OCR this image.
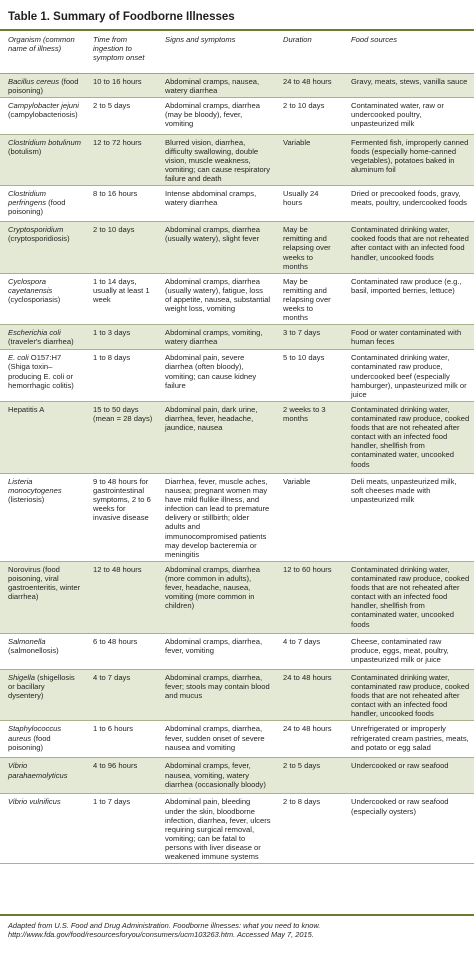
Table 1. Summary of Foodborne Illnesses
Organism (common name of illness)	Time from ingestion to symptom onset	Signs and symptoms	Duration	Food sources
Bacillus cereus (food poisoning)	10 to 16 hours	Abdominal cramps, nausea, watery diarrhea	24 to 48 hours	Gravy, meats, stews, vanilla sauce
Campylobacter jejuni (campylobacteriosis)	2 to 5 days	Abdominal cramps, diarrhea (may be bloody), fever, vomiting	2 to 10 days	Contaminated water, raw or undercooked poultry, unpasteurized milk
Clostridium botulinum (botulism)	12 to 72 hours	Blurred vision, diarrhea, difficulty swallowing, double vision, muscle weakness, vomiting; can cause respiratory failure and death	Variable	Fermented fish, improperly canned foods (especially home-canned vegetables), potatoes baked in aluminum foil
Clostridium perfringens (food poisoning)	8 to 16 hours	Intense abdominal cramps, watery diarrhea	Usually 24 hours	Dried or precooked foods, gravy, meats, poultry, undercooked foods
Cryptosporidium (cryptosporidiosis)	2 to 10 days	Abdominal cramps, diarrhea (usually watery), slight fever	May be remitting and relapsing over weeks to months	Contaminated drinking water, cooked foods that are not reheated after contact with an infected food handler, uncooked foods
Cyclospora cayetanensis (cyclosporiasis)	1 to 14 days, usually at least 1 week	Abdominal cramps, diarrhea (usually watery), fatigue, loss of appetite, nausea, substantial weight loss, vomiting	May be remitting and relapsing over weeks to months	Contaminated raw produce (e.g., basil, imported berries, lettuce)
Escherichia coli (traveler's diarrhea)	1 to 3 days	Abdominal cramps, vomiting, watery diarrhea	3 to 7 days	Food or water contaminated with human feces
E. coli O157:H7 (Shiga toxin–producing E. coli or hemorrhagic colitis)	1 to 8 days	Abdominal pain, severe diarrhea (often bloody), vomiting; can cause kidney failure	5 to 10 days	Contaminated drinking water, contaminated raw produce, undercooked beef (especially hamburger), unpasteurized milk or juice
Hepatitis A	15 to 50 days (mean = 28 days)	Abdominal pain, dark urine, diarrhea, fever, headache, jaundice, nausea	2 weeks to 3 months	Contaminated drinking water, contaminated raw produce, cooked foods that are not reheated after contact with an infected food handler, shellfish from contaminated water, uncooked foods
Listeria monocytogenes (listeriosis)	9 to 48 hours for gastrointestinal symptoms, 2 to 6 weeks for invasive disease	Diarrhea, fever, muscle aches, nausea; pregnant women may have mild flulike illness, and infection can lead to premature delivery or stillbirth; older adults and immunocompromised patients may develop bacteremia or meningitis	Variable	Deli meats, unpasteurized milk, soft cheeses made with unpasteurized milk
Norovirus (food poisoning, viral gastroenteritis, winter diarrhea)	12 to 48 hours	Abdominal cramps, diarrhea (more common in adults), fever, headache, nausea, vomiting (more common in children)	12 to 60 hours	Contaminated drinking water, contaminated raw produce, cooked foods that are not reheated after contact with an infected food handler, shellfish from contaminated water, uncooked foods
Salmonella (salmonellosis)	6 to 48 hours	Abdominal cramps, diarrhea, fever, vomiting	4 to 7 days	Cheese, contaminated raw produce, eggs, meat, poultry, unpasteurized milk or juice
Shigella (shigellosis or bacillary dysentery)	4 to 7 days	Abdominal cramps, diarrhea, fever; stools may contain blood and mucus	24 to 48 hours	Contaminated drinking water, contaminated raw produce, cooked foods that are not reheated after contact with an infected food handler, uncooked foods
Staphylococcus aureus (food poisoning)	1 to 6 hours	Abdominal cramps, diarrhea, fever, sudden onset of severe nausea and vomiting	24 to 48 hours	Unrefrigerated or improperly refrigerated cream pastries, meats, and potato or egg salad
Vibrio parahaemolyticus	4 to 96 hours	Abdominal cramps, fever, nausea, vomiting, watery diarrhea (occasionally bloody)	2 to 5 days	Undercooked or raw seafood
Vibrio vulnificus	1 to 7 days	Abdominal pain, bleeding under the skin, bloodborne infection, diarrhea, fever, ulcers requiring surgical removal, vomiting; can be fatal to persons with liver disease or weakened immune systems	2 to 8 days	Undercooked or raw seafood (especially oysters)
Adapted from U.S. Food and Drug Administration. Foodborne illnesses: what you need to know. http://www.fda.gov/food/resourcesforyou/consumers/ucm103263.htm. Accessed May 7, 2015.
